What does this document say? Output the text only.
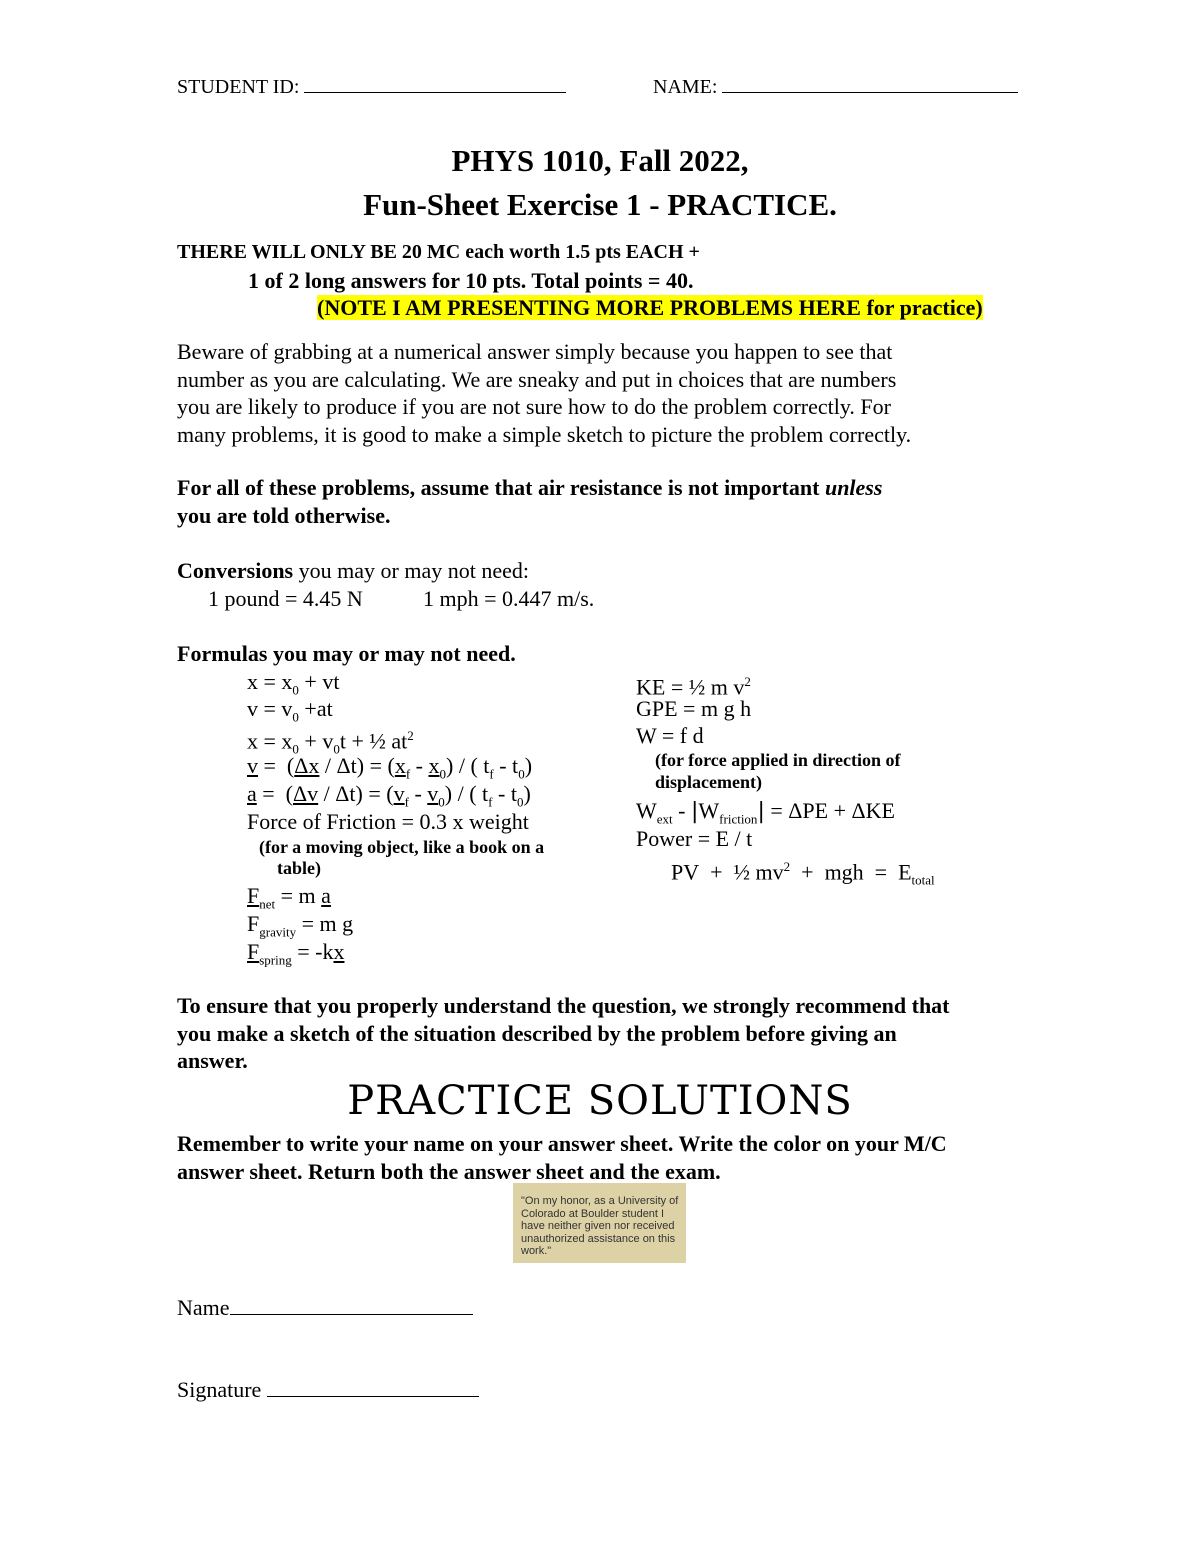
STUDENT ID:	NAME:
PHYS 1010, Fall 2022,
Fun-Sheet Exercise 1 - PRACTICE.
THERE WILL ONLY BE 20 MC each worth 1.5 pts EACH +
1 of 2 long answers for 10 pts. Total points = 40.
(NOTE I AM PRESENTING MORE PROBLEMS HERE for practice)
Beware of grabbing at a numerical answer simply because you happen to see that
number as you are calculating. We are sneaky and put in choices that are numbers
you are likely to produce if you are not sure how to do the problem correctly. For
many problems, it is good to make a simple sketch to picture the problem correctly.
For all of these problems, assume that air resistance is not important unless
you are told otherwise.
Conversions you may or may not need:
1 pound = 4.45 N	1 mph = 0.447 m/s.
Formulas you may or may not need.
$x = x_0$ + vt
$v = v_0 +at$
$x = x_0 + v_0t$ + ½ $at^2$
$v = (\Delta x / \Delta t) = (x_f - x_0)$ / ( $t_f - t_0$)
$a = (\Delta v / \Delta t) = (v_f - v_0)$ / ( $t_f - t_0$)
Force of Friction = 0.3 x weight
(for a moving object, like a book on a
table)
$F_{net} = m$ a
$F_{gravity} = m$ g
$F_{spring} = -kx$
KE = ½ m $v^2$
GPE = m g h
W = f d
(for force applied in direction of
displacement)
$W_{ext} - |W_{friction}| = \Delta PE + \Delta KE$
Power = E / t
PV  +  ½ $mv^2$  +  mgh  =  $E_{total}$
To ensure that you properly understand the question, we strongly recommend that
you make a sketch of the situation described by the problem before giving an
answer.
PRACTICE SOLUTIONS
Remember to write your name on your answer sheet. Write the color on your M/C
answer sheet. Return both the answer sheet and the exam.
"On my honor, as a University of Colorado at Boulder student I have neither given nor received unauthorized assistance on this work."
Name
Signature
